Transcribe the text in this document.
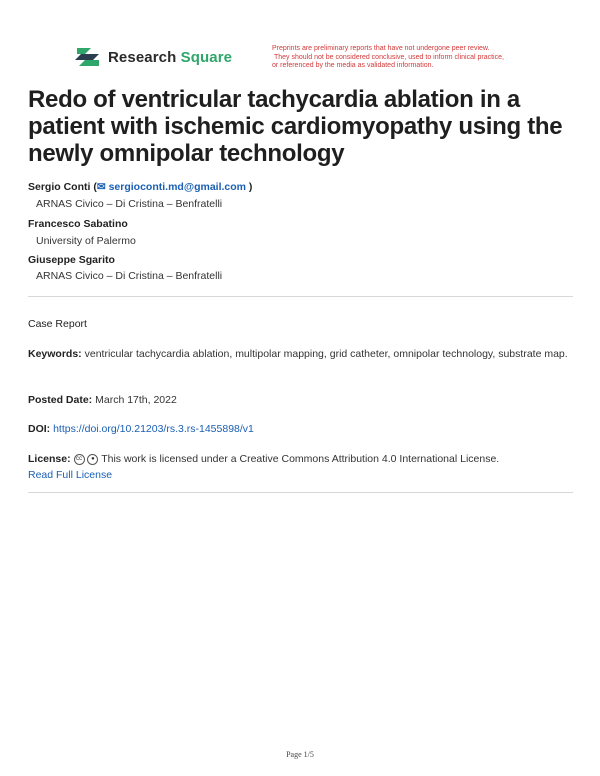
Research Square	Preprints are preliminary reports that have not undergone peer review.
They should not be considered conclusive, used to inform clinical practice,
or referenced by the media as validated information.
Redo of ventricular tachycardia ablation in a patient with ischemic cardiomyopathy using the newly omnipolar technology
Sergio Conti (✉ sergioconti.md@gmail.com )
ARNAS Civico – Di Cristina – Benfratelli
Francesco Sabatino
University of Palermo
Giuseppe Sgarito
ARNAS Civico – Di Cristina – Benfratelli
Case Report
Keywords: ventricular tachycardia ablation, multipolar mapping, grid catheter, omnipolar technology, substrate map.
Posted Date: March 17th, 2022
DOI: https://doi.org/10.21203/rs.3.rs-1455898/v1
License: cc ● This work is licensed under a Creative Commons Attribution 4.0 International License.
Read Full License
Page 1/5
